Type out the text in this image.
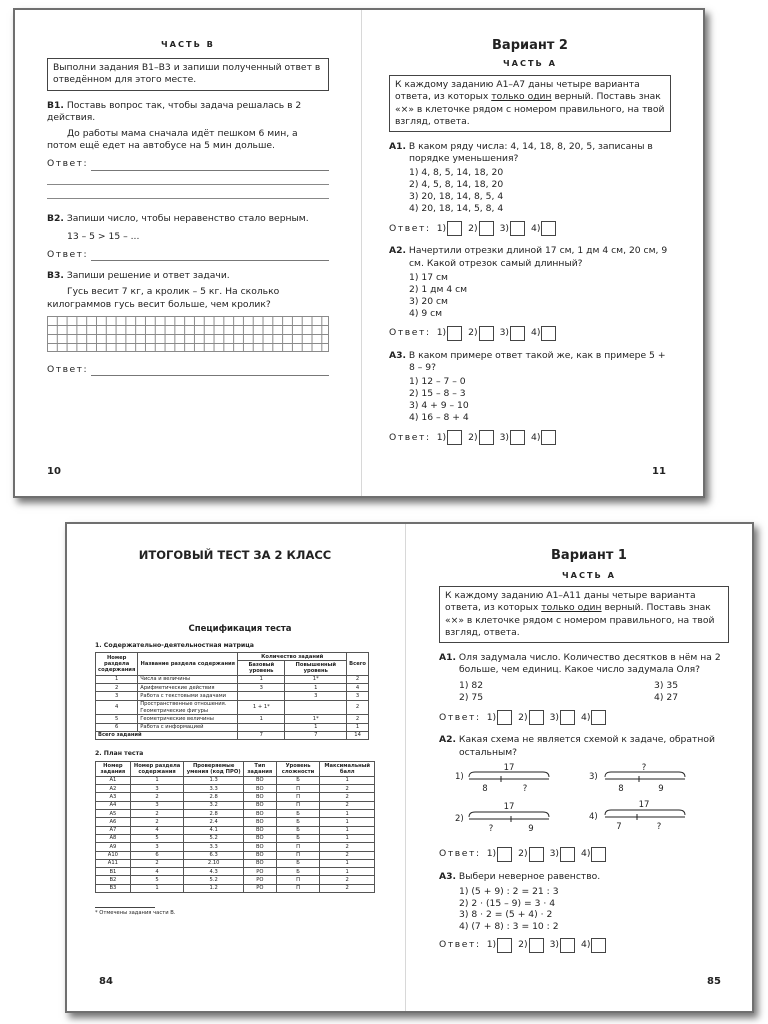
ЧАСТЬ В
Выполни задания В1–В3 и запиши полученный ответ в отведённом для этого месте.
В1. Поставь вопрос так, чтобы задача решалась в 2 действия.
До работы мама сначала идёт пешком 6 мин, а потом ещё едет на автобусе на 5 мин дольше.
Ответ:
В2. Запиши число, чтобы неравенство стало верным.
13 – 5 > 15 – ...
Ответ:
В3. Запиши решение и ответ задачи.
Гусь весит 7 кг, а кролик – 5 кг. На сколько килограммов гусь весит больше, чем кролик?
Ответ:
10
Вариант 2
ЧАСТЬ А
К каждому заданию А1–А7 даны четыре варианта ответа, из которых только один верный. Поставь знак «×» в клеточке рядом с номером правильного, на твой взгляд, ответа.
А1. В каком ряду числа: 4, 14, 18, 8, 20, 5, записаны в порядке уменьшения?
1) 4, 8, 5, 14, 18, 20
2) 4, 5, 8, 14, 18, 20
3) 20, 18, 14, 8, 5, 4
4) 20, 18, 14, 5, 8, 4
Ответ: 1) 2) 3) 4)
А2. Начертили отрезки длиной 17 см, 1 дм 4 см, 20 см, 9 см. Какой отрезок самый длинный?
1) 17 см
2) 1 дм 4 см
3) 20 см
4) 9 см
Ответ: 1) 2) 3) 4)
А3. В каком примере ответ такой же, как в примере 5 + 8 – 9?
1) 12 – 7 – 0
2) 15 – 8 – 3
3) 4 + 9 – 10
4) 16 – 8 + 4
Ответ: 1) 2) 3) 4)
11
ИТОГОВЫЙ ТЕСТ ЗА 2 КЛАСС
Спецификация теста
1. Содержательно-деятельностная матрица
Номер раздела содержания	Название раздела содержания	Количество заданий		Всего
		Базовый уровень	Повышенный уровень	
1	Числа и величины	1	1*	2
2	Арифметические действия	3	1	4
3	Работа с текстовыми задачами		3	3
4	Пространственные отношения. Геометрические фигуры	1 + 1*		2
5	Геометрические величины	1	1*	2
6	Работа с информацией		1	1
Всего заданий		7	7	14
2. План теста
Номер задания	Номер раздела содержания	Проверяемые умения (код ПРО)	Тип задания	Уровень сложности	Максимальный балл
А1	1	1.3	ВО	Б	1
А2	3	3.3	ВО	П	2
А3	2	2.8	ВО	П	2
А4	3	3.2	ВО	П	2
А5	2	2.8	ВО	Б	1
А6	2	2.4	ВО	Б	1
А7	4	4.1	ВО	Б	1
А8	5	5.2	ВО	Б	1
А9	3	3.3	ВО	П	2
А10	6	6.3	ВО	П	2
А11	2	2.10	ВО	Б	1
В1	4	4.3	РО	Б	1
В2	5	5.2	РО	П	2
В3	1	1.2	РО	П	2
* Отмечены задания части В.
84
Вариант 1
ЧАСТЬ А
К каждому заданию А1–А11 даны четыре варианта ответа, из которых только один верный. Поставь знак «×» в клеточке рядом с номером правильного, на твой взгляд, ответа.
А1. Оля задумала число. Количество десятков в нём на 2 больше, чем единиц. Какое число задумала Оля?
1) 82	3) 35
2) 75	4) 27
Ответ: 1) 2) 3) 4)
А2. Какая схема не является схемой к задаче, обратной остальным?
1)
17
8	?
3)
?
8	9
2)
17
?	9
4)
17
7	?
Ответ: 1) 2) 3) 4)
А3. Выбери неверное равенство.
1) (5 + 9) : 2 = 21 : 3
2) 2 · (15 – 9) = 3 · 4
3) 8 · 2 = (5 + 4) · 2
4) (7 + 8) : 3 = 10 : 2
Ответ: 1) 2) 3) 4)
85
